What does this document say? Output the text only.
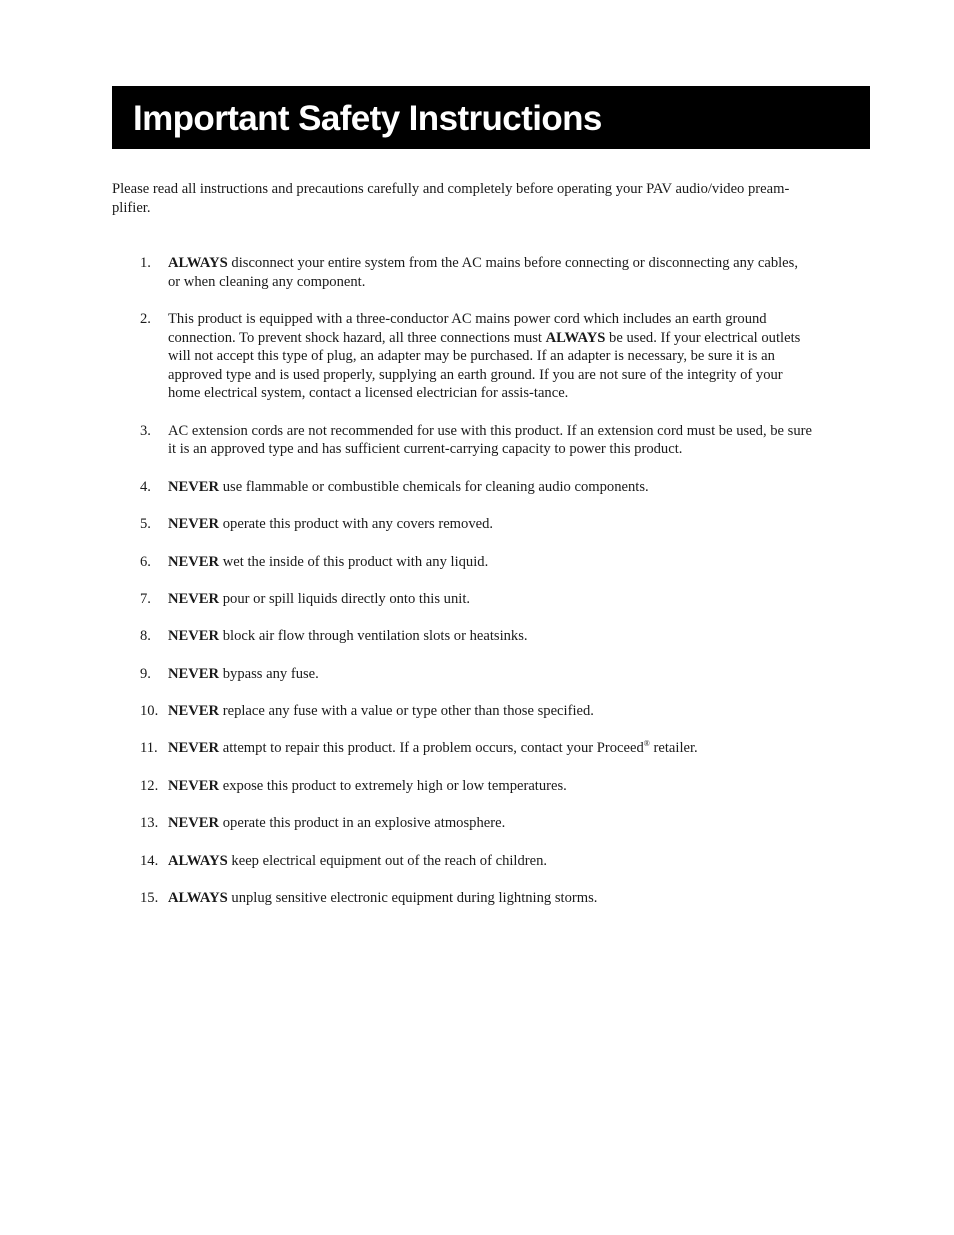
Important Safety Instructions

Please read all instructions and precautions carefully and completely before operating your PAV audio/video pream-
plifier.

1.	ALWAYS disconnect your entire system from the AC mains before connecting or disconnecting any cables, or when cleaning any component.
2.	This product is equipped with a three-conductor AC mains power cord which includes an earth ground connection. To prevent shock hazard, all three connections must ALWAYS be used. If your electrical outlets will not accept this type of plug, an adapter may be purchased. If an adapter is necessary, be sure it is an approved type and is used properly, supplying an earth ground. If you are not sure of the integrity of your home electrical system, contact a licensed electrician for assis-tance.
3.	AC extension cords are not recommended for use with this product. If an extension cord must be used, be sure it is an approved type and has sufficient current-carrying capacity to power this product.
4.	NEVER use flammable or combustible chemicals for cleaning audio components.
5.	NEVER operate this product with any covers removed.
6.	NEVER wet the inside of this product with any liquid.
7.	NEVER pour or spill liquids directly onto this unit.
8.	NEVER block air flow through ventilation slots or heatsinks.
9.	NEVER bypass any fuse.
10. NEVER replace any fuse with a value or type other than those specified.
11. NEVER attempt to repair this product. If a problem occurs, contact your Proceed® retailer.
12. NEVER expose this product to extremely high or low temperatures.
13. NEVER operate this product in an explosive atmosphere.
14. ALWAYS keep electrical equipment out of the reach of children.
15. ALWAYS unplug sensitive electronic equipment during lightning storms.
